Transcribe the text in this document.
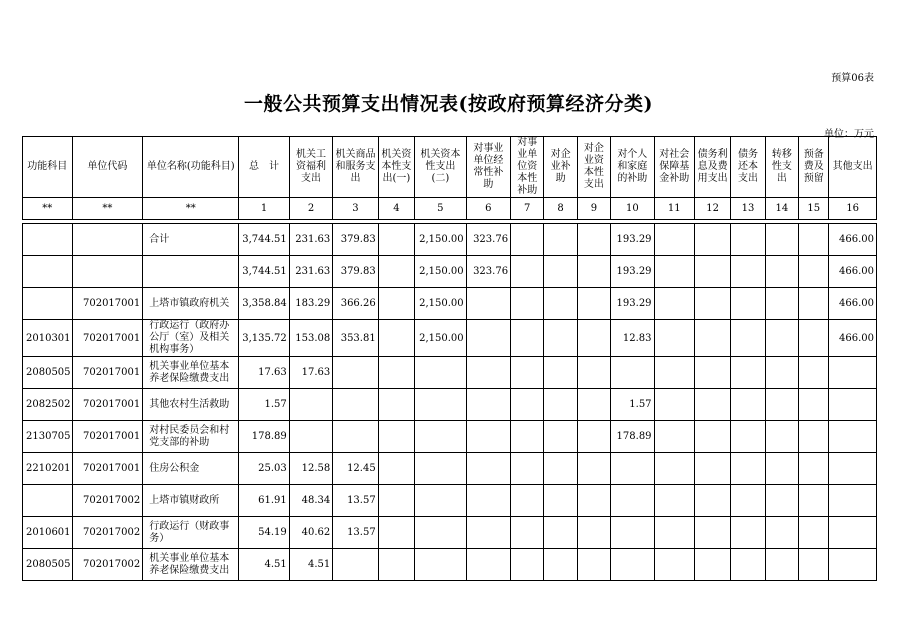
预算06表
一般公共预算支出情况表(按政府预算经济分类)
单位：万元
功能科目	单位代码	单位名称(功能科目)	总　计	机关工资福利支出	机关商品和服务支出	机关资本性支出(一)	机关资本性支出(二)	对事业单位经常性补助	对事业单位资本性补助	对企业补助	对企业资本性支出	对个人和家庭的补助	对社会保障基金补助	债务利息及费用支出	债务还本支出	转移性支出	预备费及预留	其他支出
**	**	**	1	2	3	4	5	6	7	8	9	10	11	12	13	14	15	16

		合计	3,744.51	231.63	379.83		2,150.00	323.76				193.29						466.00
			3,744.51	231.63	379.83		2,150.00	323.76				193.29						466.00
	702017001	上塔市镇政府机关	3,358.84	183.29	366.26		2,150.00					193.29						466.00
2010301	702017001	行政运行（政府办公厅（室）及相关机构事务）	3,135.72	153.08	353.81		2,150.00					12.83						466.00
2080505	702017001	机关事业单位基本养老保险缴费支出	17.63	17.63														
2082502	702017001	其他农村生活救助	1.57									1.57						
2130705	702017001	对村民委员会和村党支部的补助	178.89									178.89						
2210201	702017001	住房公积金	25.03	12.58	12.45													
	702017002	上塔市镇财政所	61.91	48.34	13.57													
2010601	702017002	行政运行（财政事务）	54.19	40.62	13.57													
2080505	702017002	机关事业单位基本养老保险缴费支出	4.51	4.51														
